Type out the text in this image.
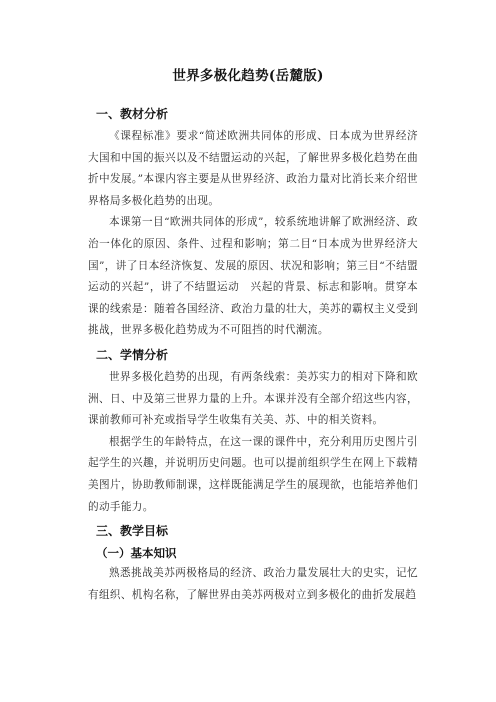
世界多极化趋势(岳麓版)
一、教材分析

《课程标准》要求“简述欧洲共同体的形成、日本成为世界经济大国和中国的振兴以及不结盟运动的兴起，了解世界多极化趋势在曲折中发展。”本课内容主要是从世界经济、政治力量对比消长来介绍世界格局多极化趋势的出现。

本课第一目“欧洲共同体的形成”，较系统地讲解了欧洲经济、政治一体化的原因、条件、过程和影响；第二目“日本成为世界经济大国”，讲了日本经济恢复、发展的原因、状况和影响；第三目“不结盟运动的兴起”，讲了不结盟运动　兴起的背景、标志和影响。贯穿本课的线索是：随着各国经济、政治力量的壮大，美苏的霸权主义受到挑战，世界多极化趋势成为不可阻挡的时代潮流。

二、学情分析

世界多极化趋势的出现，有两条线索：美苏实力的相对下降和欧洲、日、中及第三世界力量的上升。本课并没有全部介绍这些内容，课前教师可补充或指导学生收集有关美、苏、中的相关资料。

根据学生的年龄特点，在这一课的课件中，充分利用历史图片引起学生的兴趣，并说明历史问题。也可以提前组织学生在网上下载精美图片，协助教师制课，这样既能满足学生的展现欲，也能培养他们的动手能力。

三、教学目标
（一）基本知识

熟悉挑战美苏两极格局的经济、政治力量发展壮大的史实，记忆有组织、机构名称，了解世界由美苏两极对立到多极化的曲折发展趋
